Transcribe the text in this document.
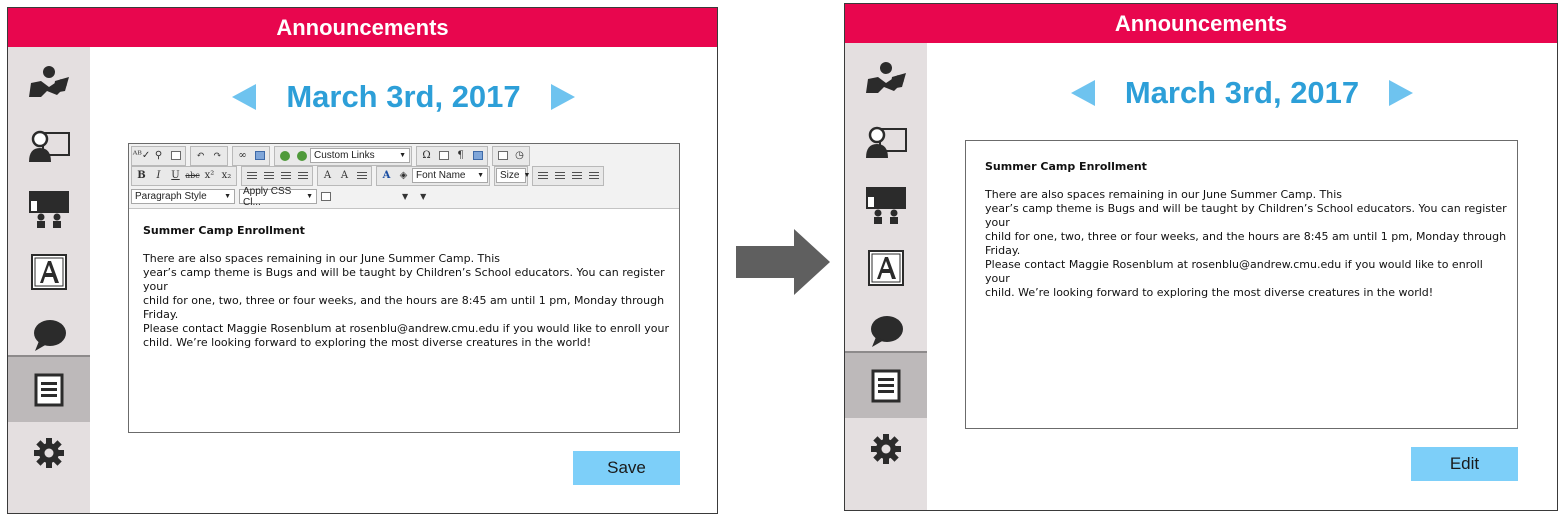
Announcements
March 3rd, 2017
ᴬᴮ✓ ⚲	↶ ↷	∞	Custom Links	▼	Ω	¶	◷
B	I	U abc x² x₂	A A	A ◈ Font Name ▼ Size ▼
Paragraph Style ▼ Apply CSS Cl...	▼	▼ ▼
Summer Camp Enrollment
There are also spaces remaining in our June Summer Camp. This
year’s camp theme is Bugs and will be taught by Children’s School educators. You can register
your
child for one, two, three or four weeks, and the hours are 8:45 am until 1 pm, Monday through
Friday.
Please contact Maggie Rosenblum at rosenblu@andrew.cmu.edu if you would like to enroll your
child. We’re looking forward to exploring the most diverse creatures in the world!
Save
Announcements
March 3rd, 2017
Summer Camp Enrollment
There are also spaces remaining in our June Summer Camp. This
year’s camp theme is Bugs and will be taught by Children’s School educators. You can register
your
child for one, two, three or four weeks, and the hours are 8:45 am until 1 pm, Monday through
Friday.
Please contact Maggie Rosenblum at rosenblu@andrew.cmu.edu if you would like to enroll your
child. We’re looking forward to exploring the most diverse creatures in the world!
Edit
